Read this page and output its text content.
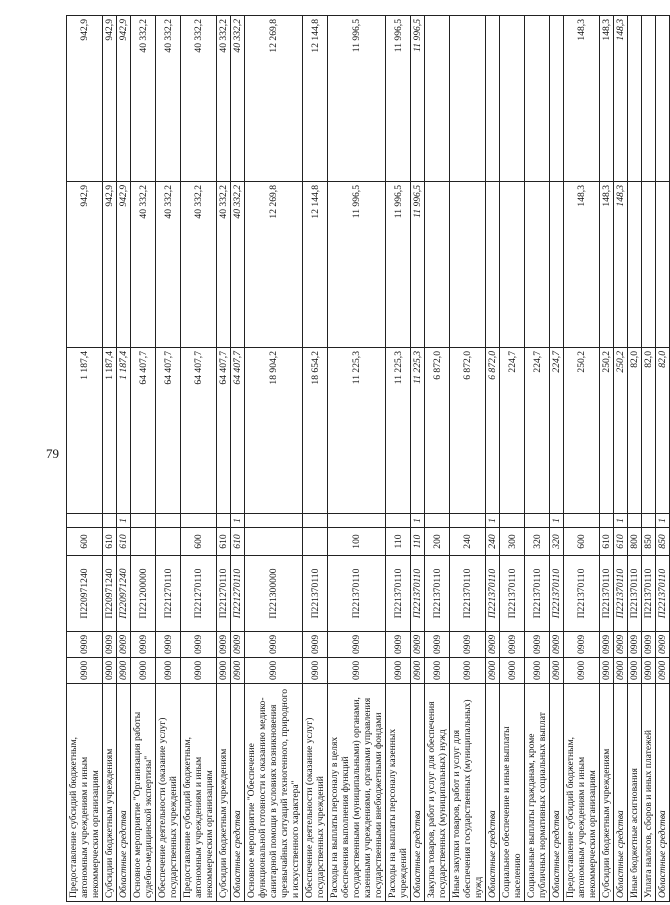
79
Предоставление субсидий бюджетным, автономным учреждениям и иным некоммерческим организациям	0900	0909	П220971240	600		1 187,4	942,9	942,9
Субсидии бюджетным учреждениям	0900	0909	П220971240	610		1 187,4	942,9	942,9
Областные средства	0900	0909	П220971240	610	1	1 187,4	942,9	942,9
Основное мероприятие "Организация работы судебно-медицинской экспертизы"	0900	0909	П221200000			64 407,7	40 332,2	40 332,2
Обеспечение деятельности (оказание услуг) государственных учреждений	0900	0909	П221270110			64 407,7	40 332,2	40 332,2
Предоставление субсидий бюджетным, автономным учреждениям и иным некоммерческим организациям	0900	0909	П221270110	600		64 407,7	40 332,2	40 332,2
Субсидии бюджетным учреждениям	0900	0909	П221270110	610		64 407,7	40 332,2	40 332,2
Областные средства	0900	0909	П221270110	610	1	64 407,7	40 332,2	40 332,2
Основное мероприятие "Обеспечение функциональной готовности к оказанию медико-санитарной помощи в условиях возникновения чрезвычайных ситуаций техногенного, природного и искусственного характера"	0900	0909	П221300000			18 904,2	12 269,8	12 269,8
Обеспечение деятельности (оказание услуг) государственных учреждений	0900	0909	П221370110			18 654,2	12 144,8	12 144,8
Расходы на выплаты персоналу в целях обеспечения выполнения функций государственными (муниципальными) органами, казенными учреждениями, органами управления государственными внебюджетными фондами	0900	0909	П221370110	100		11 225,3	11 996,5	11 996,5
Расходы на выплаты персоналу казенных учреждений	0900	0909	П221370110	110		11 225,3	11 996,5	11 996,5
Областные средства	0900	0909	П221370110	110	1	11 225,3	11 996,5	11 996,5
Закупка товаров, работ и услуг для обеспечения государственных (муниципальных) нужд	0900	0909	П221370110	200		6 872,0		
Иные закупки товаров, работ и услуг для обеспечения государственных (муниципальных) нужд	0900	0909	П221370110	240		6 872,0		
Областные средства	0900	0909	П221370110	240	1	6 872,0		
Социальное обеспечение и иные выплаты населению	0900	0909	П221370110	300		224,7		
Социальные выплаты гражданам, кроме публичных нормативных социальных выплат	0900	0909	П221370110	320		224,7		
Областные средства	0900	0909	П221370110	320	1	224,7		
Предоставление субсидий бюджетным, автономным учреждениям и иным некоммерческим организациям	0900	0909	П221370110	600		250,2	148,3	148,3
Субсидии бюджетным учреждениям	0900	0909	П221370110	610		250,2	148,3	148,3
Областные средства	0900	0909	П221370110	610	1	250,2	148,3	148,3
Иные бюджетные ассигнования	0900	0909	П221370110	800		82,0		
Уплата налогов, сборов и иных платежей	0900	0909	П221370110	850		82,0		
Областные средства	0900	0909	П221370110	850	1	82,0		
